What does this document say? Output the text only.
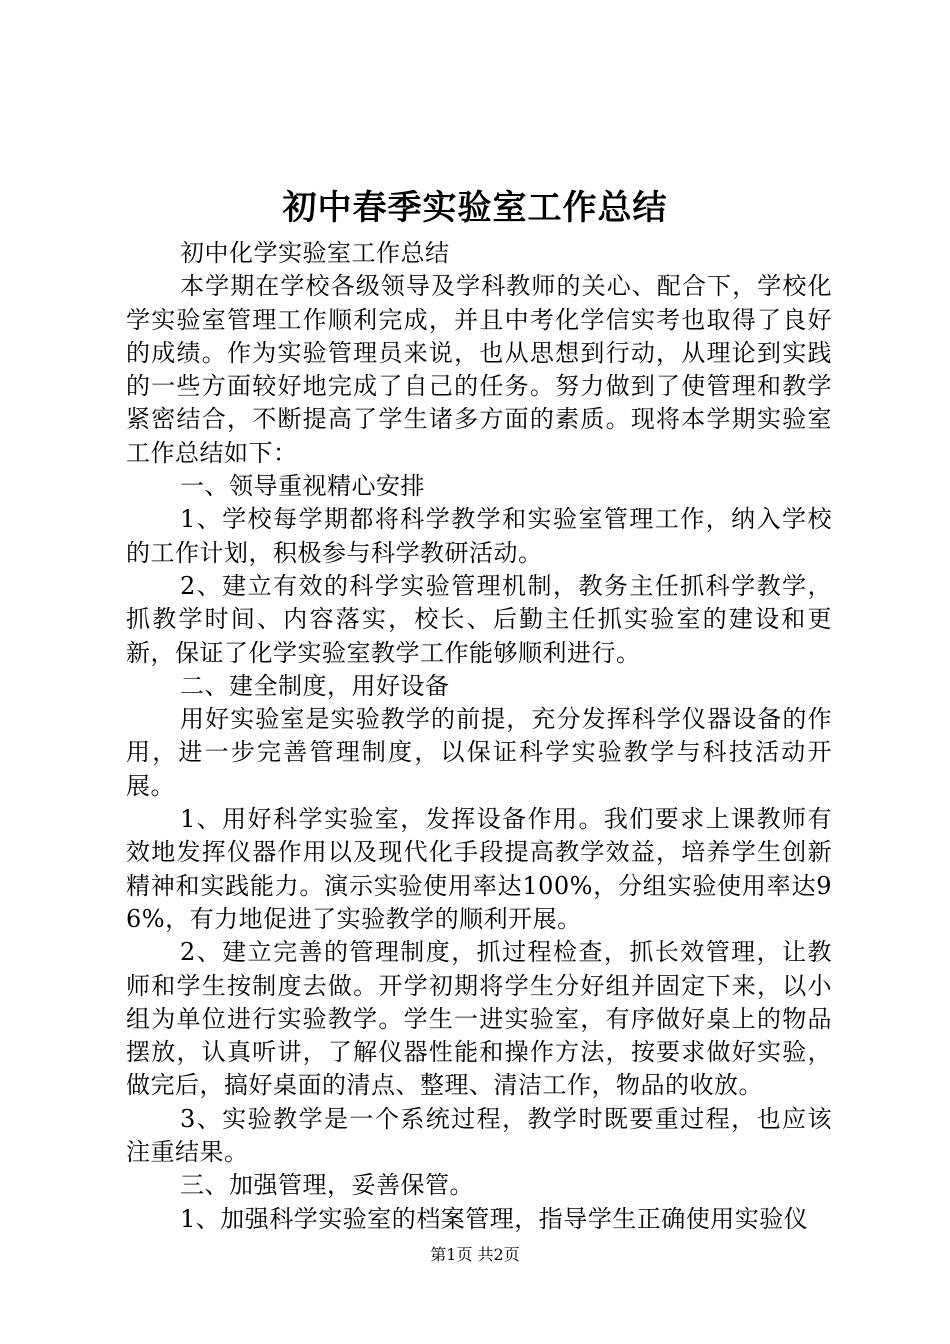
初中春季实验室工作总结

初中化学实验室工作总结

本学期在学校各级领导及学科教师的关心、配合下，学校化学实验室管理工作顺利完成，并且中考化学信实考也取得了良好的成绩。作为实验管理员来说，也从思想到行动，从理论到实践的一些方面较好地完成了自己的任务。努力做到了使管理和教学紧密结合，不断提高了学生诸多方面的素质。现将本学期实验室工作总结如下：

一、领导重视精心安排

1、学校每学期都将科学教学和实验室管理工作，纳入学校的工作计划，积极参与科学教研活动。

2、建立有效的科学实验管理机制，教务主任抓科学教学，抓教学时间、内容落实，校长、后勤主任抓实验室的建设和更新，保证了化学实验室教学工作能够顺利进行。

二、建全制度，用好设备

用好实验室是实验教学的前提，充分发挥科学仪器设备的作用，进一步完善管理制度，以保证科学实验教学与科技活动开展。

1、用好科学实验室，发挥设备作用。我们要求上课教师有效地发挥仪器作用以及现代化手段提高教学效益，培养学生创新精神和实践能力。演示实验使用率达100%，分组实验使用率达96%，有力地促进了实验教学的顺利开展。

2、建立完善的管理制度，抓过程检查，抓长效管理，让教师和学生按制度去做。开学初期将学生分好组并固定下来，以小组为单位进行实验教学。学生一进实验室，有序做好桌上的物品摆放，认真听讲，了解仪器性能和操作方法，按要求做好实验，做完后，搞好桌面的清点、整理、清洁工作，物品的收放。

3、实验教学是一个系统过程，教学时既要重过程，也应该注重结果。

三、加强管理，妥善保管。

1、加强科学实验室的档案管理，指导学生正确使用实验仪

第1页 共2页
